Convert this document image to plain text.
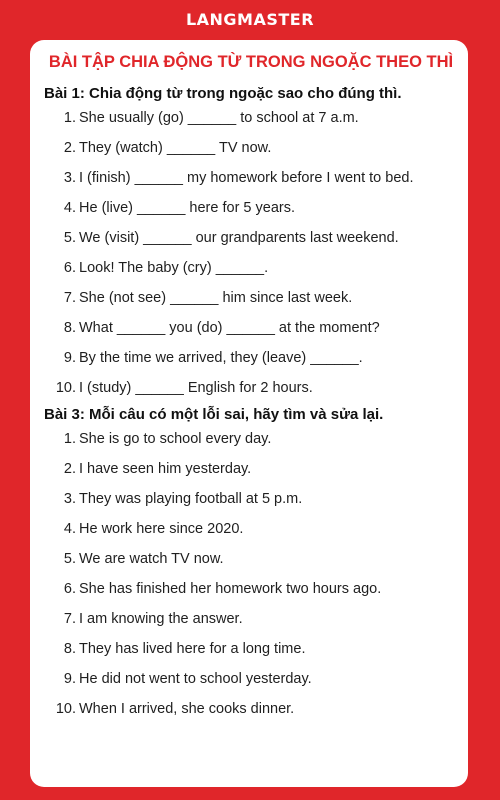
LANGMASTER
BÀI TẬP CHIA ĐỘNG TỪ TRONG NGOẶC THEO THÌ

Bài 1: Chia động từ trong ngoặc sao cho đúng thì.

1. She usually (go) ______ to school at 7 a.m.
2. They (watch) ______ TV now.
3. I (finish) ______ my homework before I went to bed.
4. He (live) ______ here for 5 years.
5. We (visit) ______ our grandparents last weekend.
6. Look! The baby (cry) ______.
7. She (not see) ______ him since last week.
8. What ______ you (do) ______ at the moment?
9. By the time we arrived, they (leave) ______.
10. I (study) ______ English for 2 hours.

Bài 3: Mỗi câu có một lỗi sai, hãy tìm và sửa lại.

1. She is go to school every day.
2. I have seen him yesterday.
3. They was playing football at 5 p.m.
4. He work here since 2020.
5. We are watch TV now.
6. She has finished her homework two hours ago.
7. I am knowing the answer.
8. They has lived here for a long time.
9. He did not went to school yesterday.
10. When I arrived, she cooks dinner.
